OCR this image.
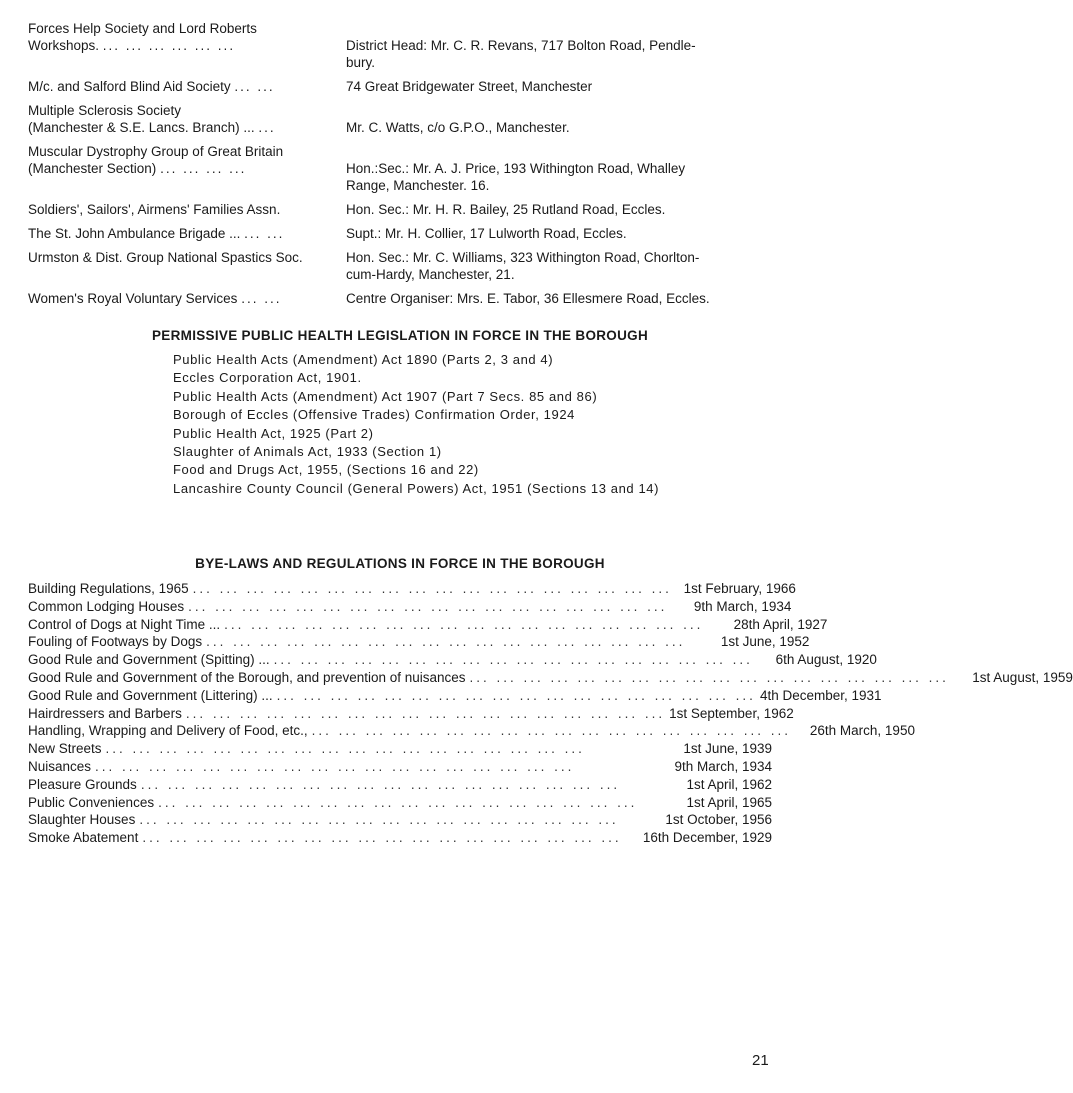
Forces Help Society and Lord Roberts
Workshops. ... ... ... ... ... ...
	District Head: Mr. C. R. Revans, 717 Bolton Road, Pendle-
bury.
M/c. and Salford Blind Aid Society ... ...	74 Great Bridgewater Street, Manchester
Multiple Sclerosis Society
(Manchester & S.E. Lancs. Branch) ... ...
	Mr. C. Watts, c/o G.P.O., Manchester.
Muscular Dystrophy Group of Great Britain
(Manchester Section) ... ... ... ...
	Hon.:Sec.: Mr. A. J. Price, 193 Withington Road, Whalley
Range, Manchester. 16.
Soldiers', Sailors', Airmens' Families Assn.	Hon. Sec.: Mr. H. R. Bailey, 25 Rutland Road, Eccles.
The St. John Ambulance Brigade ... ... ...	Supt.: Mr. H. Collier, 17 Lulworth Road, Eccles.
Urmston & Dist. Group National Spastics Soc.	Hon. Sec.: Mr. C. Williams, 323 Withington Road, Chorlton-
cum-Hardy, Manchester, 21.
Women's Royal Voluntary Services ... ...	Centre Organiser: Mrs. E. Tabor, 36 Ellesmere Road, Eccles.
PERMISSIVE PUBLIC HEALTH LEGISLATION IN FORCE IN THE BOROUGH
Public Health Acts (Amendment) Act 1890 (Parts 2, 3 and 4)
Eccles Corporation Act, 1901.
Public Health Acts (Amendment) Act 1907 (Part 7 Secs. 85 and 86)
Borough of Eccles (Offensive Trades) Confirmation Order, 1924
Public Health Act, 1925 (Part 2)
Slaughter of Animals Act, 1933 (Section 1)
Food and Drugs Act, 1955, (Sections 16 and 22)
Lancashire County Council (General Powers) Act, 1951 (Sections 13 and 14)
BYE-LAWS AND REGULATIONS IN FORCE IN THE BOROUGH
Building Regulations, 1965 ... ... ... ... ... ... ... ... ... ... ... ... ... ... ... ... ... ... 1st February, 1966
Common Lodging Houses ... ... ... ... ... ... ... ... ... ... ... ... ... ... ... ... ... ...	9th March, 1934
Control of Dogs at Night Time ... ... ... ... ... ... ... ... ... ... ... ... ... ... ... ... ... ... ...	28th April, 1927
Fouling of Footways by Dogs ... ... ... ... ... ... ... ... ... ... ... ... ... ... ... ... ... ...	1st June, 1952
Good Rule and Government (Spitting) ... ... ... ... ... ... ... ... ... ... ... ... ... ... ... ... ... ... ...	6th August, 1920
Good Rule and Government of the Borough, and prevention of nuisances ... ... ... ... ... ... ... ... ... ... ... ... ... ... ... ... ... ...	1st August, 1959
Good Rule and Government (Littering) ... ... ... ... ... ... ... ... ... ... ... ... ... ... ... ... ... ... ... 4th December, 1931
Hairdressers and Barbers ... ... ... ... ... ... ... ... ... ... ... ... ... ... ... ... ... ... 1st September, 1962
Handling, Wrapping and Delivery of Food, etc., ... ... ... ... ... ... ... ... ... ... ... ... ... ... ... ... ... ...	26th March, 1950
New Streets ... ... ... ... ... ... ... ... ... ... ... ... ... ... ... ... ... ...	1st June, 1939
Nuisances ... ... ... ... ... ... ... ... ... ... ... ... ... ... ... ... ... ...	9th March, 1934
Pleasure Grounds ... ... ... ... ... ... ... ... ... ... ... ... ... ... ... ... ... ...	1st April, 1962
Public Conveniences ... ... ... ... ... ... ... ... ... ... ... ... ... ... ... ... ... ...	1st April, 1965
Slaughter Houses ... ... ... ... ... ... ... ... ... ... ... ... ... ... ... ... ... ...	1st October, 1956
Smoke Abatement ... ... ... ... ... ... ... ... ... ... ... ... ... ... ... ... ... ...	16th December, 1929
21
